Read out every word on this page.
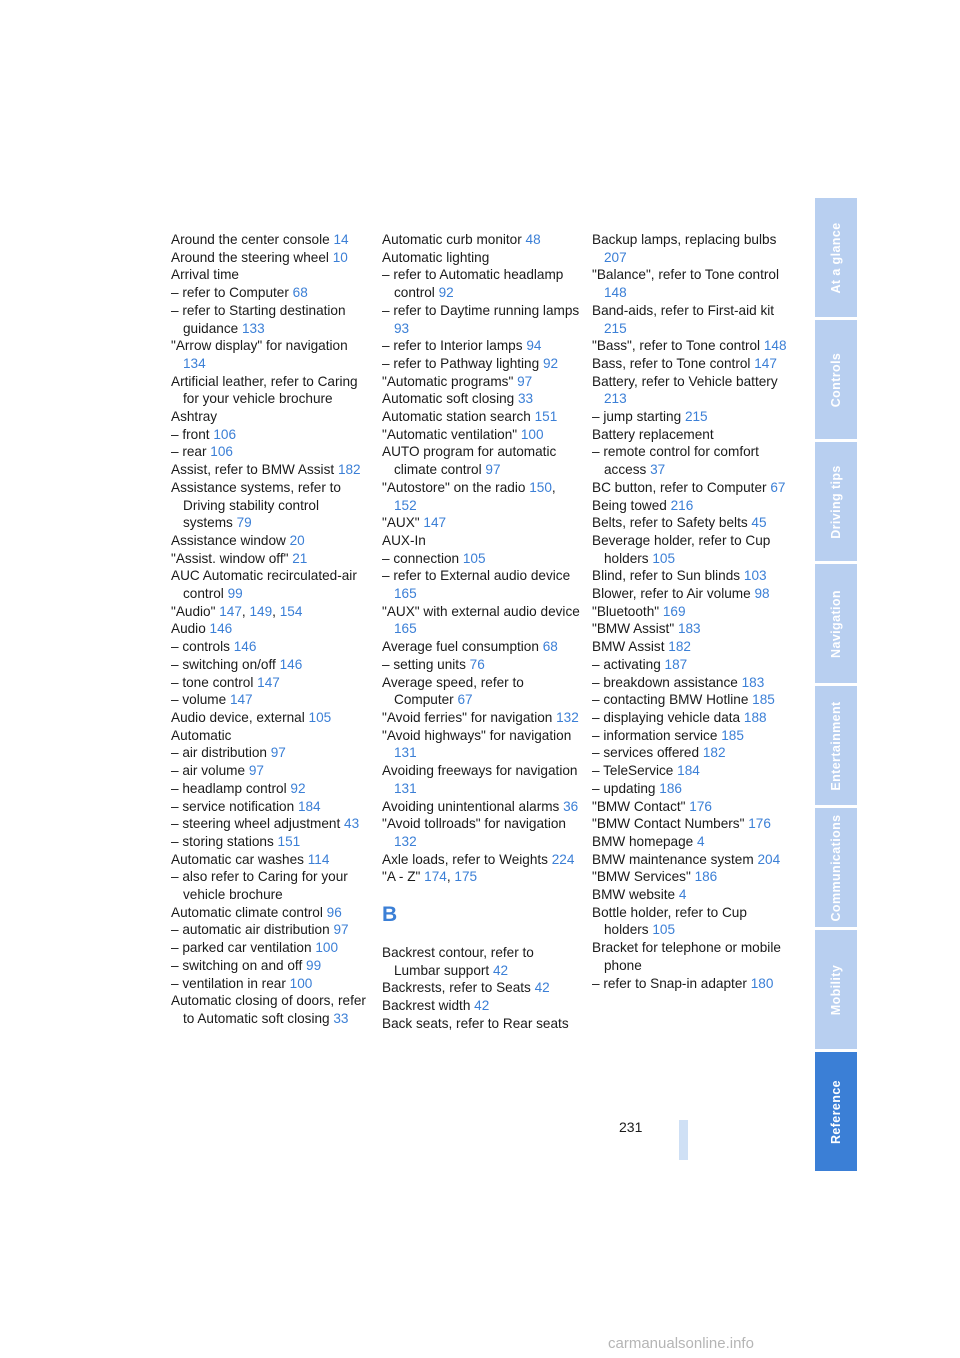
Around the center console 14
Around the steering wheel 10
Arrival time
– refer to Computer 68
– refer to Starting destination guidance 133
"Arrow display" for navigation 134
Artificial leather, refer to Caring for your vehicle brochure
Ashtray
– front 106
– rear 106
Assist, refer to BMW Assist 182
Assistance systems, refer to Driving stability control systems 79
Assistance window 20
"Assist. window off" 21
AUC Automatic recirculated-air control 99
"Audio" 147, 149, 154
Audio 146
– controls 146
– switching on/off 146
– tone control 147
– volume 147
Audio device, external 105
Automatic
– air distribution 97
– air volume 97
– headlamp control 92
– service notification 184
– steering wheel adjustment 43
– storing stations 151
Automatic car washes 114
– also refer to Caring for your vehicle brochure
Automatic climate control 96
– automatic air distribution 97
– parked car ventilation 100
– switching on and off 99
– ventilation in rear 100
Automatic closing of doors, refer to Automatic soft closing 33
Automatic curb monitor 48
Automatic lighting
– refer to Automatic headlamp control 92
– refer to Daytime running lamps 93
– refer to Interior lamps 94
– refer to Pathway lighting 92
"Automatic programs" 97
Automatic soft closing 33
Automatic station search 151
"Automatic ventilation" 100
AUTO program for automatic climate control 97
"Autostore" on the radio 150, 152
"AUX" 147
AUX-In
– connection 105
– refer to External audio device 165
"AUX" with external audio device 165
Average fuel consumption 68
– setting units 76
Average speed, refer to Computer 67
"Avoid ferries" for navigation 132
"Avoid highways" for navigation 131
Avoiding freeways for navigation 131
Avoiding unintentional alarms 36
"Avoid tollroads" for navigation 132
Axle loads, refer to Weights 224
"A - Z" 174, 175
B
Backrest contour, refer to Lumbar support 42
Backrests, refer to Seats 42
Backrest width 42
Back seats, refer to Rear seats
Backup lamps, replacing bulbs 207
"Balance", refer to Tone control 148
Band-aids, refer to First-aid kit 215
"Bass", refer to Tone control 148
Bass, refer to Tone control 147
Battery, refer to Vehicle battery 213
– jump starting 215
Battery replacement
– remote control for comfort access 37
BC button, refer to Computer 67
Being towed 216
Belts, refer to Safety belts 45
Beverage holder, refer to Cup holders 105
Blind, refer to Sun blinds 103
Blower, refer to Air volume 98
"Bluetooth" 169
"BMW Assist" 183
BMW Assist 182
– activating 187
– breakdown assistance 183
– contacting BMW Hotline 185
– displaying vehicle data 188
– information service 185
– services offered 182
– TeleService 184
– updating 186
"BMW Contact" 176
"BMW Contact Numbers" 176
BMW homepage 4
BMW maintenance system 204
"BMW Services" 186
BMW website 4
Bottle holder, refer to Cup holders 105
Bracket for telephone or mobile phone
– refer to Snap-in adapter 180
At a glance
Controls
Driving tips
Navigation
Entertainment
Communications
Mobility
Reference
231
carmanualsonline.info
